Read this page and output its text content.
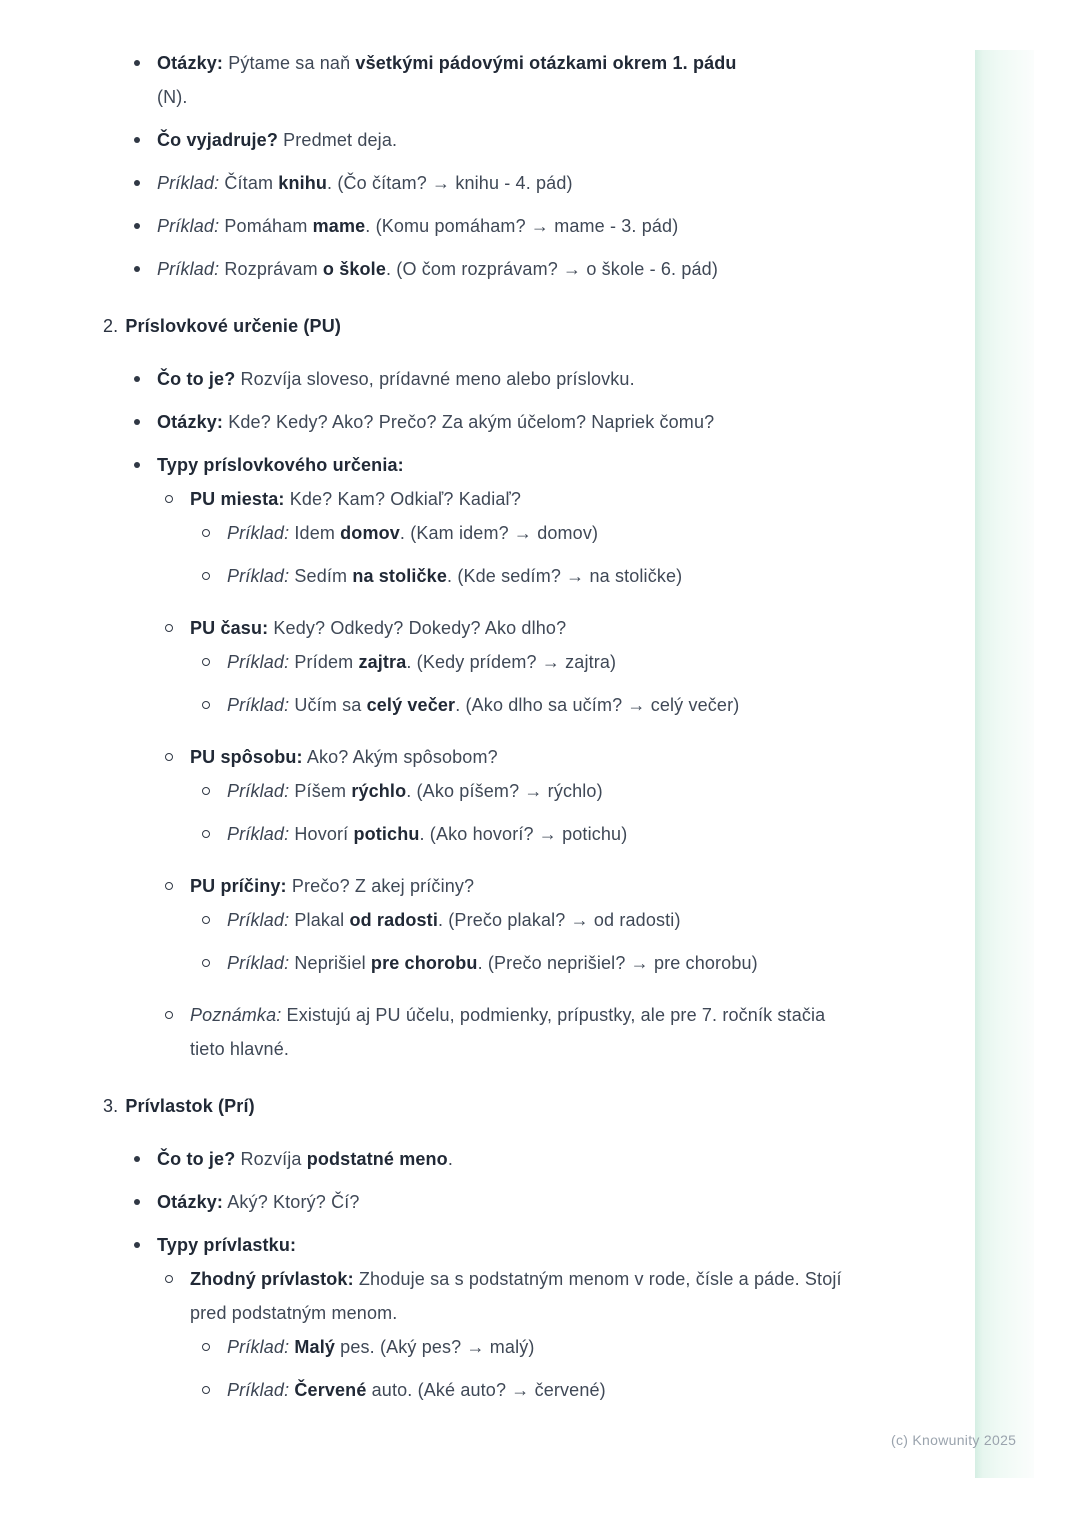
Otázky: Pýtame sa naň všetkými pádovými otázkami okrem 1. pádu
(N).
Čo vyjadruje? Predmet deja.
Príklad: Čítam knihu. (Čo čítam? → knihu - 4. pád)
Príklad: Pomáham mame. (Komu pomáham? → mame - 3. pád)
Príklad: Rozprávam o škole. (O čom rozprávam? → o škole - 6. pád)
2. Príslovkové určenie (PU)
Čo to je? Rozvíja sloveso, prídavné meno alebo príslovku.
Otázky: Kde? Kedy? Ako? Prečo? Za akým účelom? Napriek čomu?
Typy príslovkového určenia:
PU miesta: Kde? Kam? Odkiaľ? Kadiaľ?
Príklad: Idem domov. (Kam idem? → domov)
Príklad: Sedím na stoličke. (Kde sedím? → na stoličke)
PU času: Kedy? Odkedy? Dokedy? Ako dlho?
Príklad: Prídem zajtra. (Kedy prídem? → zajtra)
Príklad: Učím sa celý večer. (Ako dlho sa učím? → celý večer)
PU spôsobu: Ako? Akým spôsobom?
Príklad: Píšem rýchlo. (Ako píšem? → rýchlo)
Príklad: Hovorí potichu. (Ako hovorí? → potichu)
PU príčiny: Prečo? Z akej príčiny?
Príklad: Plakal od radosti. (Prečo plakal? → od radosti)
Príklad: Neprišiel pre chorobu. (Prečo neprišiel? → pre chorobu)
Poznámka: Existujú aj PU účelu, podmienky, prípustky, ale pre 7. ročník stačia tieto hlavné.
3. Prívlastok (Prí)
Čo to je? Rozvíja podstatné meno.
Otázky: Aký? Ktorý? Čí?
Typy prívlastku:
Zhodný prívlastok: Zhoduje sa s podstatným menom v rode, čísle a páde. Stojí pred podstatným menom.
Príklad: Malý pes. (Aký pes? → malý)
Príklad: Červené auto. (Aké auto? → červené)
(c) Knowunity 2025
